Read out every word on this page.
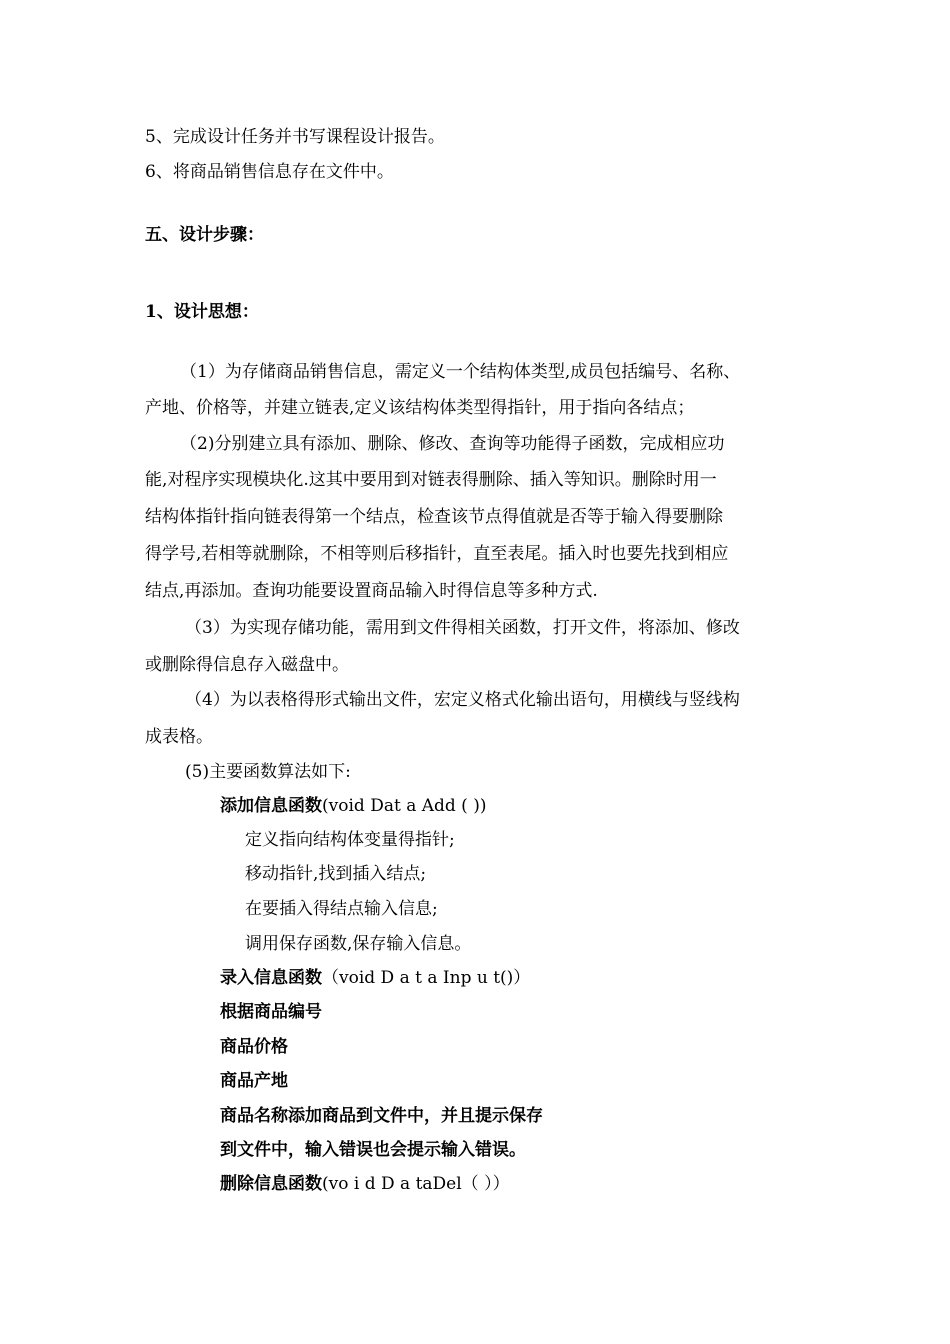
5、完成设计任务并书写课程设计报告。
6、将商品销售信息存在文件中。
五、设计步骤：
1、设计思想：
（1）为存储商品销售信息，需定义一个结构体类型,成员包括编号、名称、
产地、价格等，并建立链表,定义该结构体类型得指针，用于指向各结点；
（2)分别建立具有添加、删除、修改、查询等功能得子函数，完成相应功
能,对程序实现模块化.这其中要用到对链表得删除、插入等知识。删除时用一
结构体指针指向链表得第一个结点，检查该节点得值就是否等于输入得要删除
得学号,若相等就删除，不相等则后移指针，直至表尾。插入时也要先找到相应
结点,再添加。查询功能要设置商品输入时得信息等多种方式.
（3）为实现存储功能，需用到文件得相关函数，打开文件，将添加、修改
或删除得信息存入磁盘中。
（4）为以表格得形式输出文件，宏定义格式化输出语句，用横线与竖线构
成表格。
(5)主要函数算法如下:
添加信息函数(void Dat a Add ( ))
定义指向结构体变量得指针;
移动指针,找到插入结点;
在要插入得结点输入信息;
调用保存函数,保存输入信息。
录入信息函数（void D a t a Inp u t()）
根据商品编号
商品价格
商品产地
商品名称添加商品到文件中，并且提示保存
到文件中，输入错误也会提示输入错误。
删除信息函数(vo i d D a taDel（ ））
